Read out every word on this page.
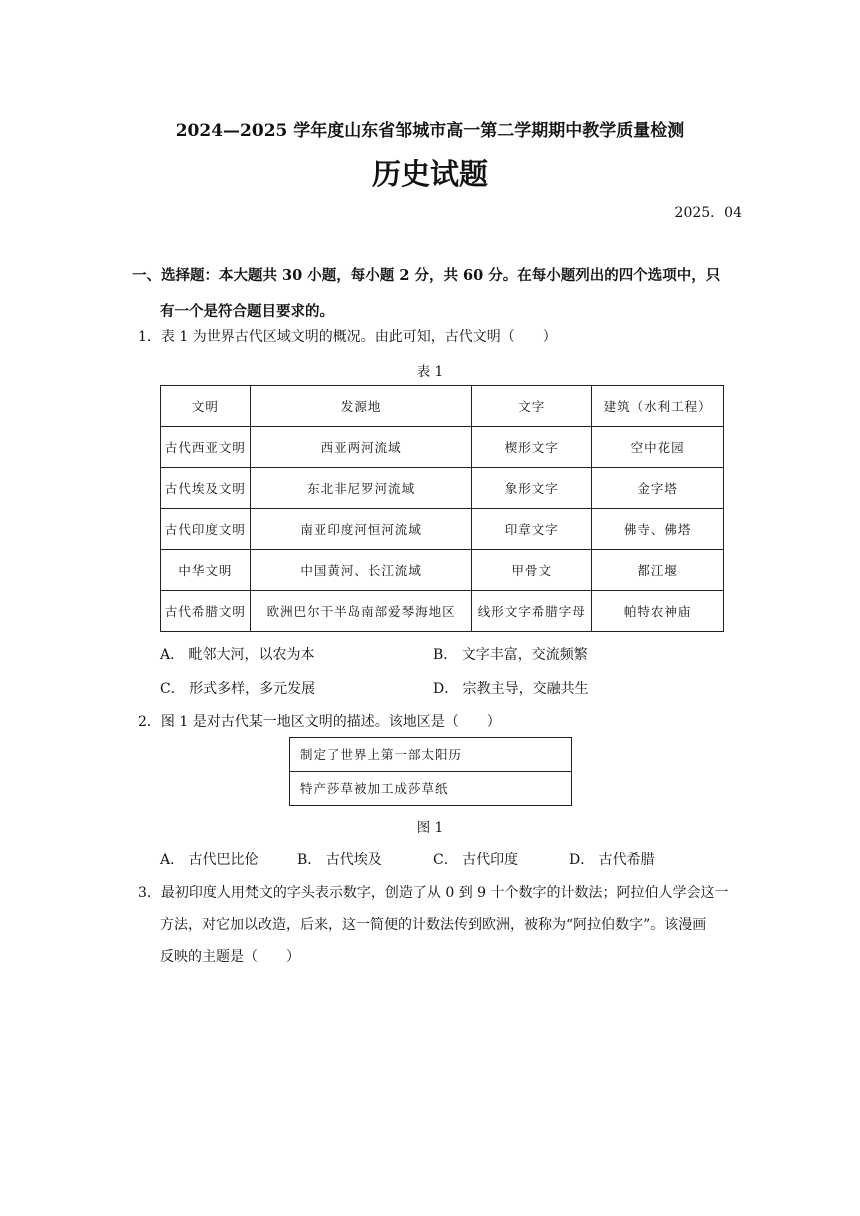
2024—2025 学年度山东省邹城市高一第二学期期中教学质量检测
历史试题
2025．04
一、选择题：本大题共 30 小题，每小题 2 分，共 60 分。在每小题列出的四个选项中，只
有一个是符合题目要求的。
1．表 1 为世界古代区域文明的概况。由此可知，古代文明（　　）
表 1
文明	发源地	文字	建筑（水利工程）
古代西亚文明	西亚两河流域	楔形文字	空中花园
古代埃及文明	东北非尼罗河流域	象形文字	金字塔
古代印度文明	南亚印度河恒河流域	印章文字	佛寺、佛塔
中华文明	中国黄河、长江流域	甲骨文	都江堰
古代希腊文明	欧洲巴尔干半岛南部爱琴海地区	线形文字希腊字母	帕特农神庙
A． 毗邻大河，以农为本	B． 文字丰富，交流频繁
C． 形式多样，多元发展	D． 宗教主导，交融共生
2．图 1 是对古代某一地区文明的描述。该地区是（　　）
制定了世界上第一部太阳历
特产莎草被加工成莎草纸
图 1
A． 古代巴比伦	B． 古代埃及	C． 古代印度	D． 古代希腊
3．最初印度人用梵文的字头表示数字，创造了从 0 到 9 十个数字的计数法；阿拉伯人学会这一
方法，对它加以改造，后来，这一简便的计数法传到欧洲，被称为“阿拉伯数字”。该漫画
反映的主题是（　　）
